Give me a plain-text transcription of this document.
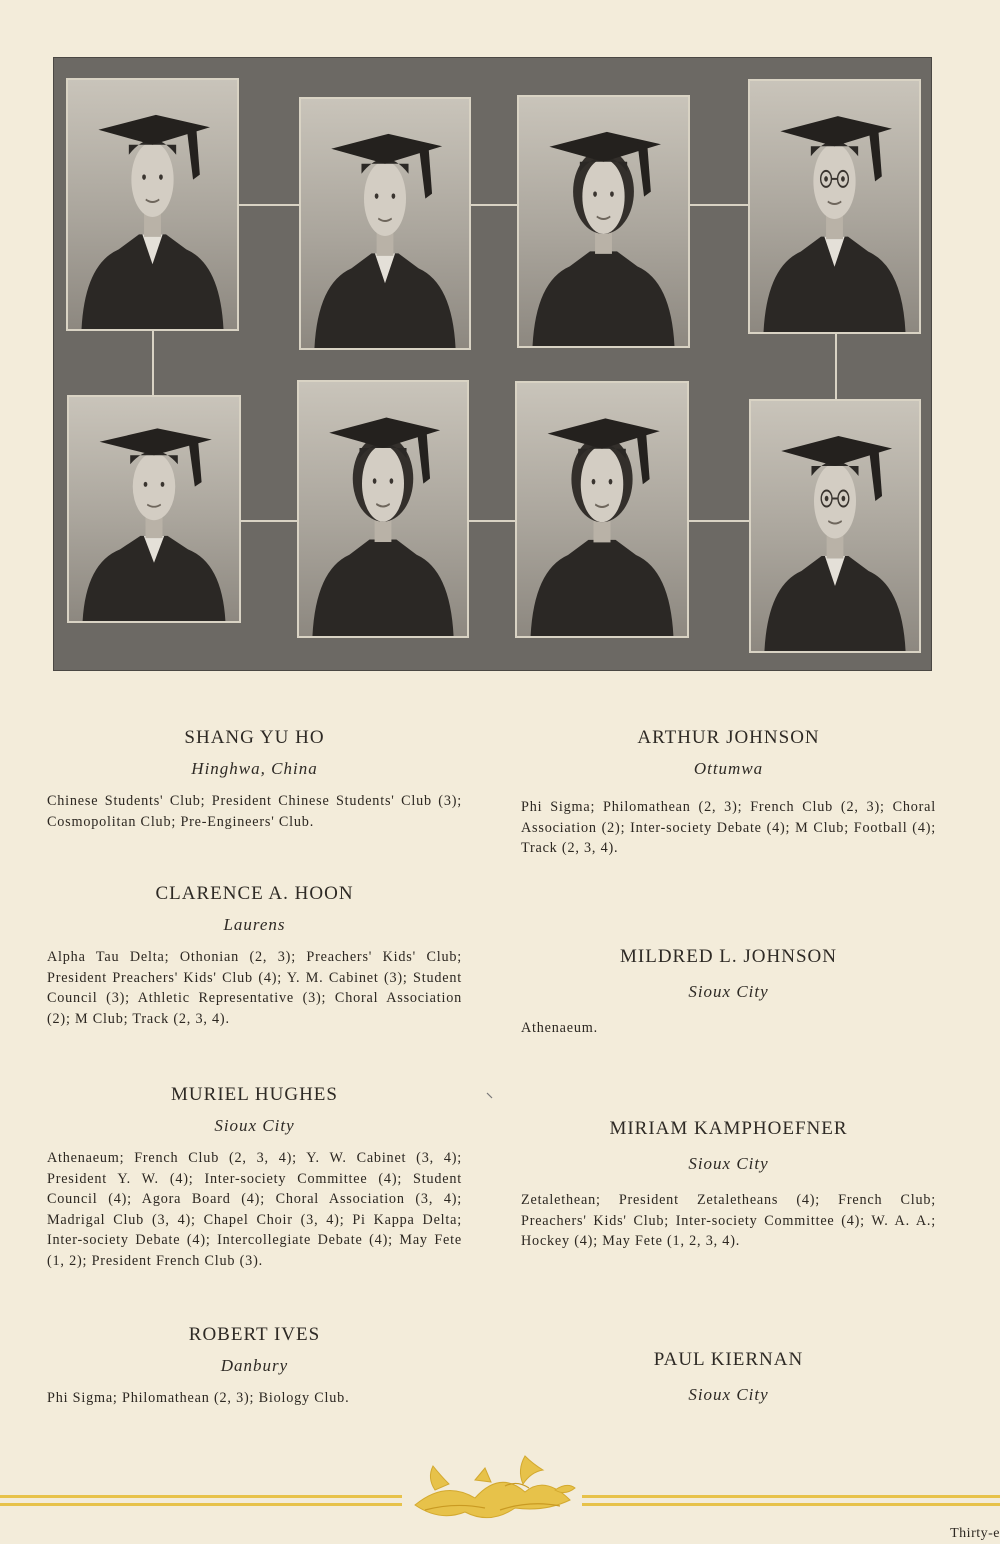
SHANG YU HO

Hinghwa, China

Chinese Students' Club; President Chinese Students' Club (3); Cosmopolitan Club; Pre-Engineers' Club.

CLARENCE A. HOON

Laurens

Alpha Tau Delta; Othonian (2, 3); Preachers' Kids' Club; President Preachers' Kids' Club (4); Y. M. Cabinet (3); Student Council (3); Athletic Representative (3); Choral Association (2); M Club; Track (2, 3, 4).

MURIEL HUGHES

Sioux City

Athenaeum; French Club (2, 3, 4); Y. W. Cabinet (3, 4); President Y. W. (4); Inter-society Committee (4); Student Council (4); Agora Board (4); Choral Association (3, 4); Madrigal Club (3, 4); Chapel Choir (3, 4); Pi Kappa Delta; Inter-society Debate (4); Intercollegiate Debate (4); May Fete (1, 2); President French Club (3).

ROBERT IVES

Danbury

Phi Sigma; Philomathean (2, 3); Biology Club.

ARTHUR JOHNSON

Ottumwa

Phi Sigma; Philomathean (2, 3); French Club (2, 3); Choral Association (2); Inter-society Debate (4); M Club; Football (4); Track (2, 3, 4).

MILDRED L. JOHNSON

Sioux City

Athenaeum.

MIRIAM KAMPHOEFNER

Sioux City

Zetalethean; President Zetaletheans (4); French Club; Preachers' Kids' Club; Inter-society Committee (4); W. A. A.; Hockey (4); May Fete (1, 2, 3, 4).

PAUL KIERNAN

Sioux City

Thirty-e
